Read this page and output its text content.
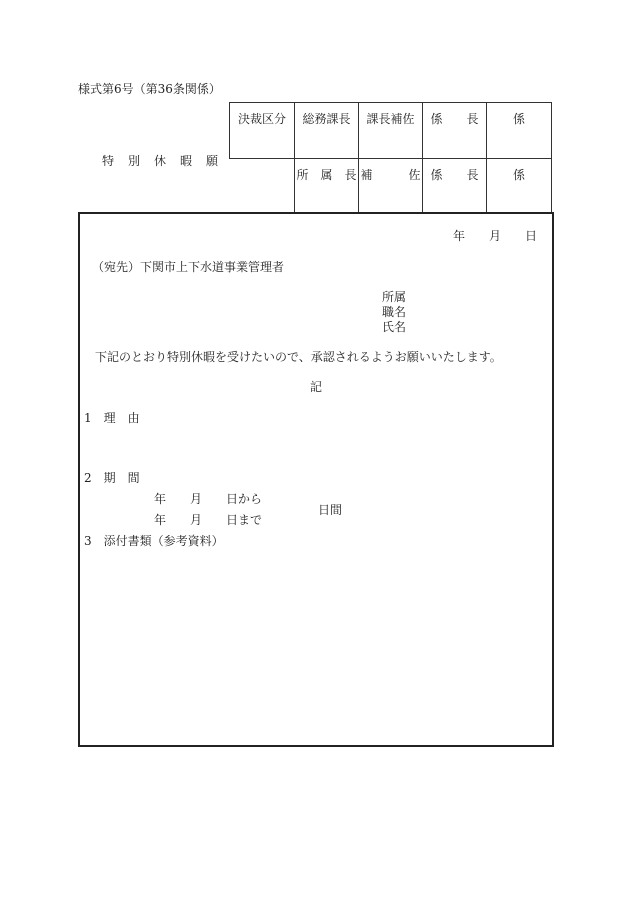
様式第6号（第36条関係）
特　別　休　暇　願
決裁区分	総務課長	課長補佐	係　　長	係

	所　属　長	補　　　佐	係　　長	係
年　　月　　日
（宛先）下関市上下水道事業管理者
所属
職名
氏名
下記のとおり特別休暇を受けたいので、承認されるようお願いいたします。
記
1　理　由
2　期　間
年　　月　　日から
日間
年　　月　　日まで
3　添付書類（参考資料）
